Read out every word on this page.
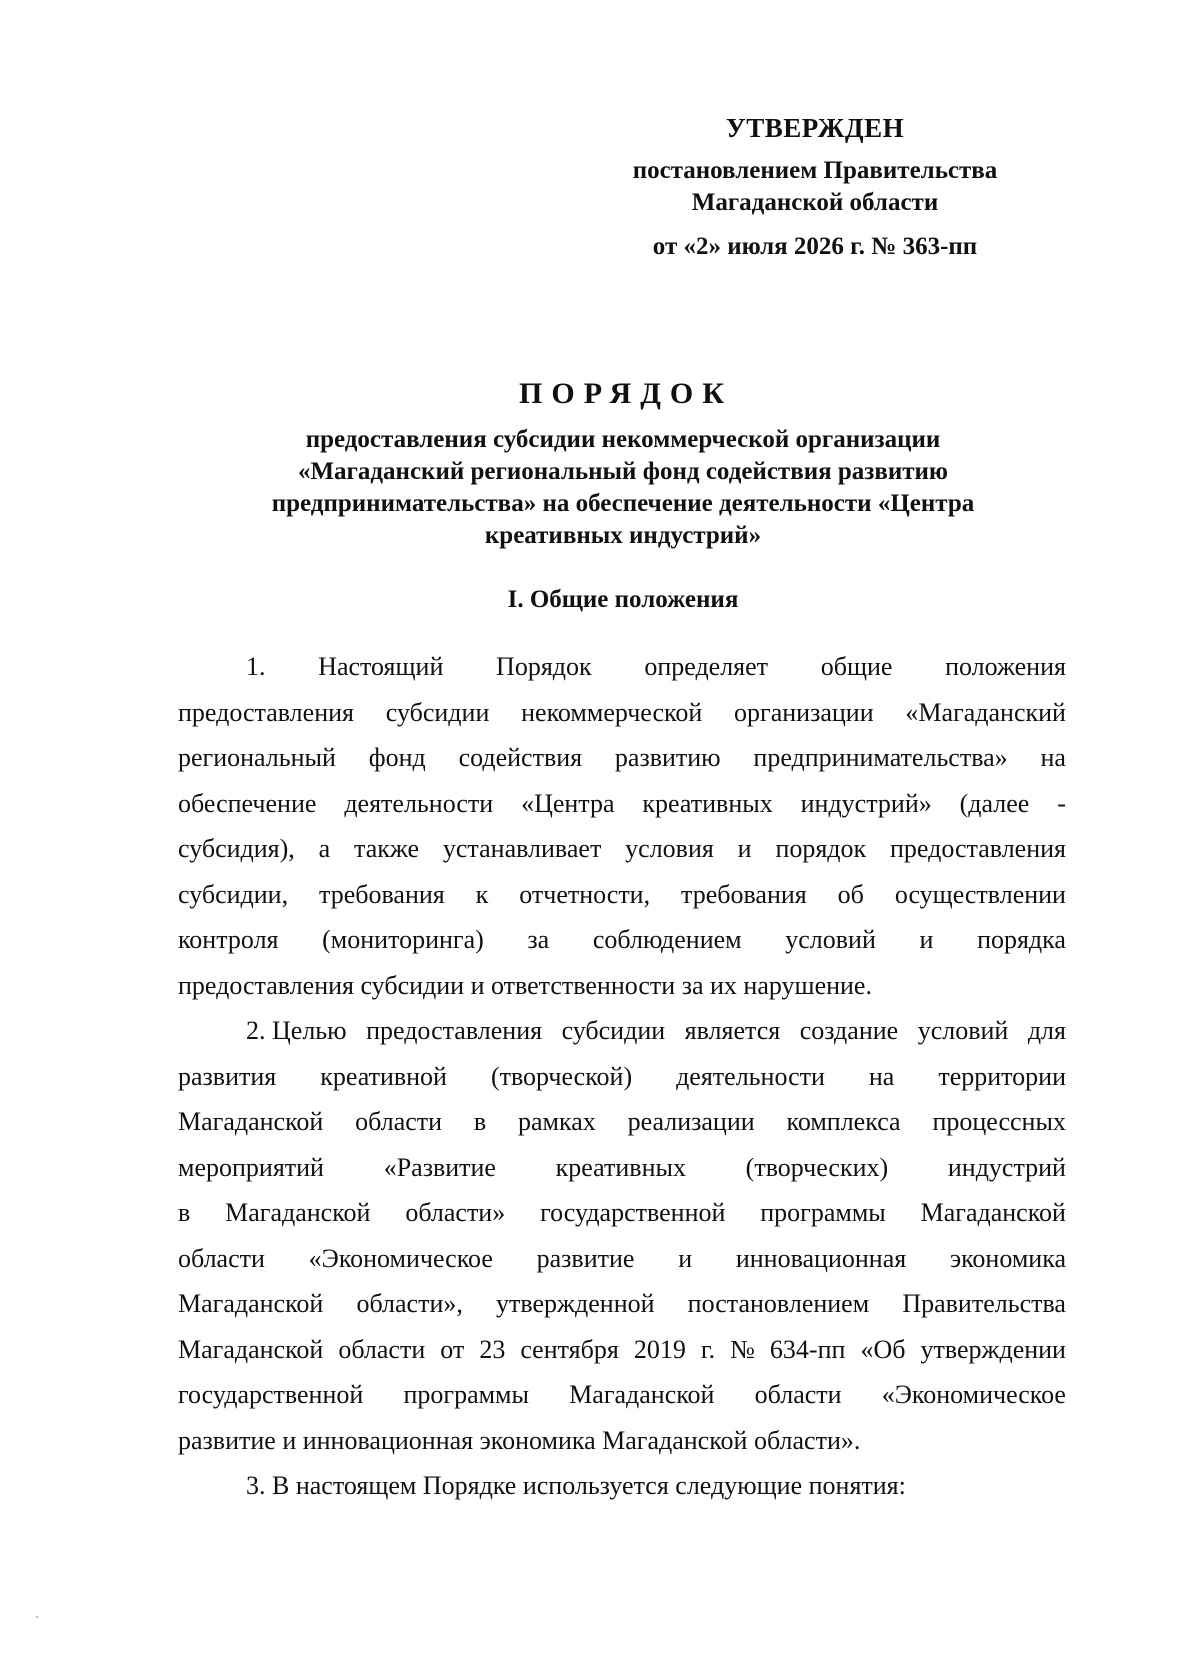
УТВЕРЖДЕН
постановлением Правительства
Магаданской области
от «2» июля 2026 г. № 363-пп
ПОРЯДОК
предоставления субсидии некоммерческой организации
«Магаданский региональный фонд содействия развитию
предпринимательства» на обеспечение деятельности «Центра
креативных индустрий»
I. Общие положения
1. Настоящий Порядок определяет общие положения
предоставления субсидии некоммерческой организации «Магаданский
региональный фонд содействия развитию предпринимательства» на
обеспечение деятельности «Центра креативных индустрий» (далее -
субсидия), а также устанавливает условия и порядок предоставления
субсидии, требования к отчетности, требования об осуществлении
контроля (мониторинга) за соблюдением условий и порядка
предоставления субсидии и ответственности за их нарушение.
2. Целью предоставления субсидии является создание условий для
развития креативной (творческой) деятельности на территории
Магаданской области в рамках реализации комплекса процессных
мероприятий «Развитие креативных (творческих) индустрий
в Магаданской области» государственной программы Магаданской
области «Экономическое развитие и инновационная экономика
Магаданской области», утвержденной постановлением Правительства
Магаданской области от 23 сентября 2019 г. № 634-пп «Об утверждении
государственной программы Магаданской области «Экономическое
развитие и инновационная экономика Магаданской области».
3. В настоящем Порядке используется следующие понятия:
